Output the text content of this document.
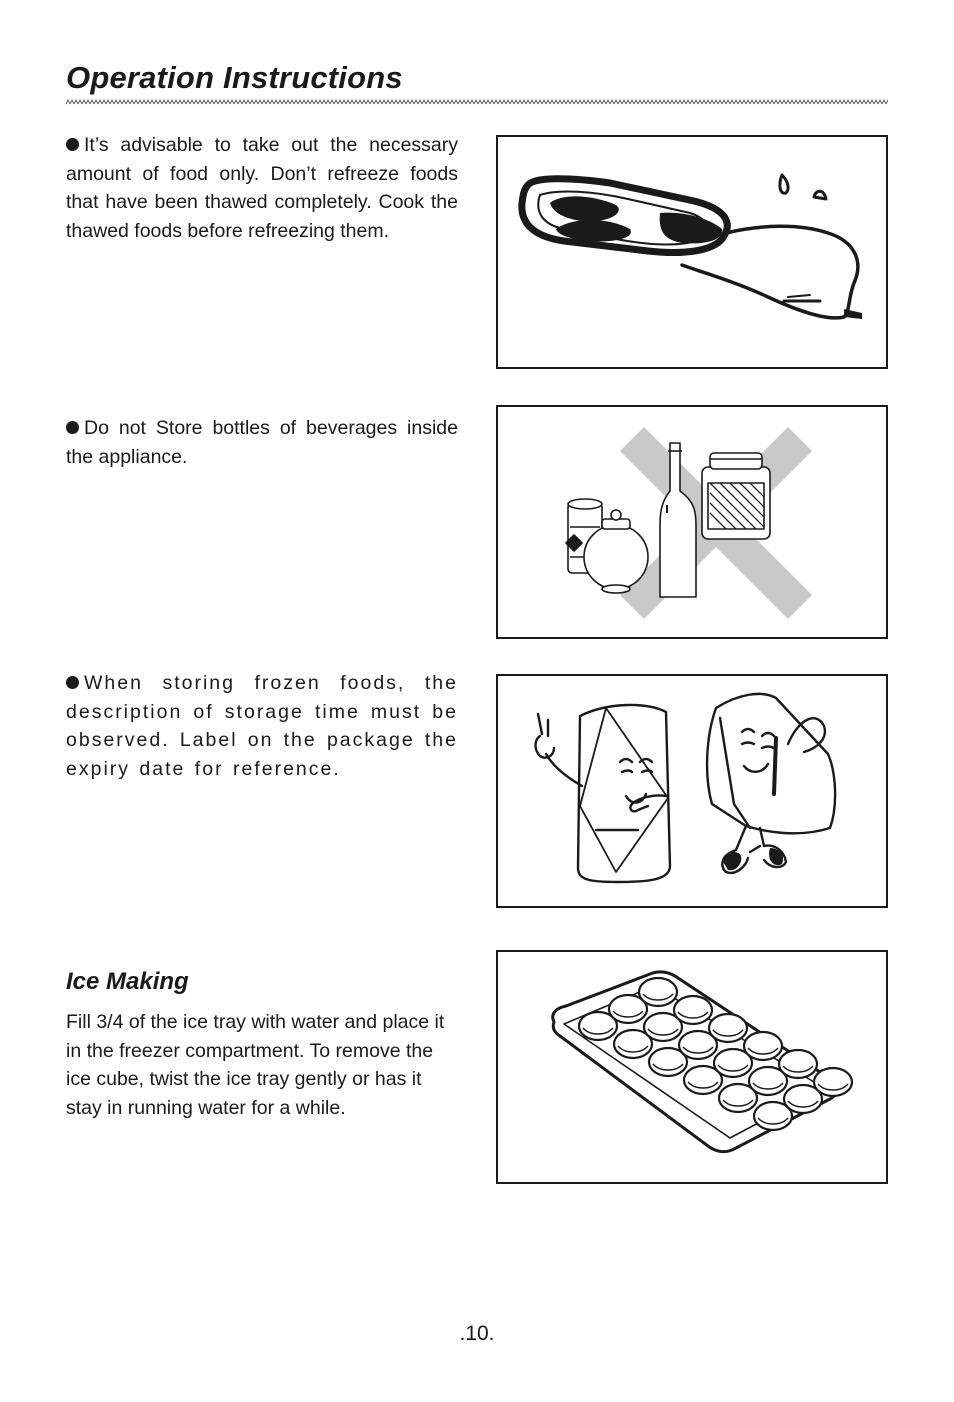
Operation Instructions

It’s advisable to take out the necessary amount of food only. Don’t refreeze foods that have been thawed completely. Cook the thawed foods before refreezing them.

Do not Store bottles of beverages inside the appliance.

When storing frozen foods, the description of storage time must be observed. Label on the package the expiry date for reference.

Ice Making

Fill 3/4 of the ice tray with water and place it in the freezer compartment. To remove the ice cube, twist the ice tray gently or has it stay in running water for a while.

.10.
